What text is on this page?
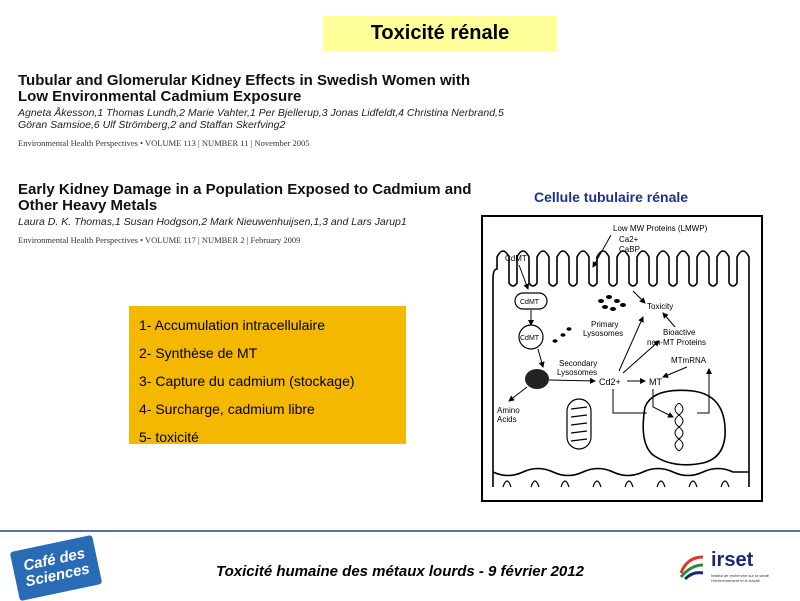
Toxicité rénale
Tubular and Glomerular Kidney Effects in Swedish Women with
Low Environmental Cadmium Exposure
Agneta Åkesson,1 Thomas Lundh,2 Marie Vahter,1 Per Bjellerup,3 Jonas Lidfeldt,4 Christina Nerbrand,5
Göran Samsioe,6 Ulf Strömberg,2 and Staffan Skerfving2
Environmental Health Perspectives • VOLUME 113 | NUMBER 11 | November 2005
Early Kidney Damage in a Population Exposed to Cadmium and
Other Heavy Metals
Laura D. K. Thomas,1 Susan Hodgson,2 Mark Nieuwenhuijsen,1,3 and Lars Jarup1
Environmental Health Perspectives • VOLUME 117 | NUMBER 2 | February 2009
1- Accumulation intracellulaire
2- Synthèse de MT
3- Capture du cadmium (stockage)
4- Surcharge, cadmium libre
5- toxicité
Cellule tubulaire rénale
Low MW Proteins (LMWP)
Ca2+
CaBP
CdMT
CdMT
CdMT
Primary
Lysosomes
Toxicity
Bioactive
non-MT Proteins
Secondary
Lysosomes
MTmRNA
Amino
Acids
Cd2+	MT
Café des Sciences	Toxicité humaine des métaux lourds - 9 février 2012
irset
Institut de recherche sur la santé l'environnement et le travail
